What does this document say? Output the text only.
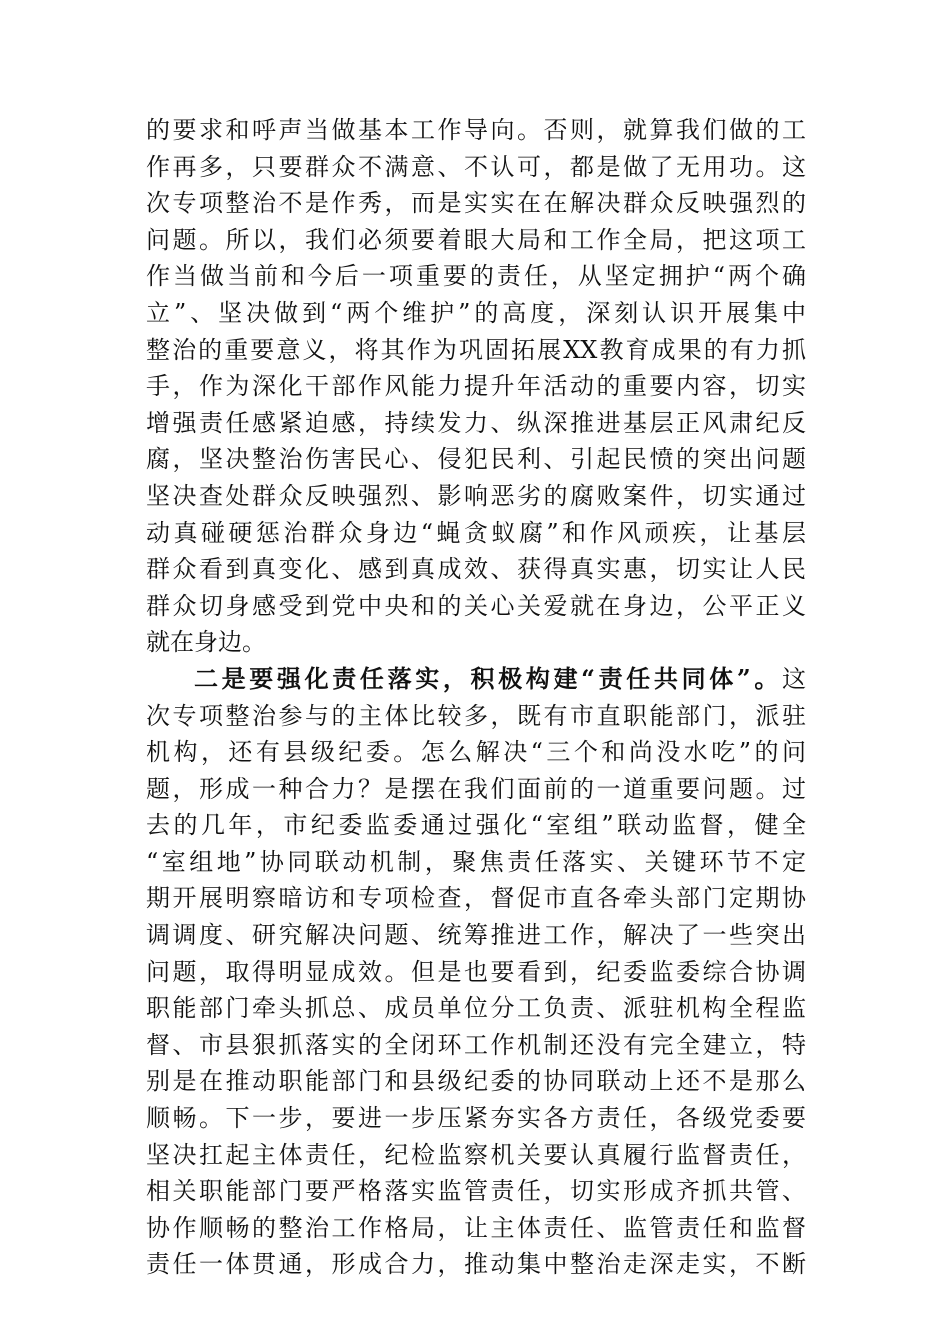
的要求和呼声当做基本工作导向。否则，就算我们做的工
作再多，只要群众不满意、不认可，都是做了无用功。这
次专项整治不是作秀，而是实实在在解决群众反映强烈的
问题。所以，我们必须要着眼大局和工作全局，把这项工
作当做当前和今后一项重要的责任，从坚定拥护“两个确
立”、坚决做到“两个维护”的高度，深刻认识开展集中
整治的重要意义，将其作为巩固拓展XX教育成果的有力抓
手，作为深化干部作风能力提升年活动的重要内容，切实
增强责任感紧迫感，持续发力、纵深推进基层正风肃纪反
腐，坚决整治伤害民心、侵犯民利、引起民愤的突出问题
坚决查处群众反映强烈、影响恶劣的腐败案件，切实通过
动真碰硬惩治群众身边“蝇贪蚁腐”和作风顽疾，让基层
群众看到真变化、感到真成效、获得真实惠，切实让人民
群众切身感受到党中央和的关心关爱就在身边，公平正义
就在身边。
二是要强化责任落实，积极构建“责任共同体”。这
次专项整治参与的主体比较多，既有市直职能部门，派驻
机构，还有县级纪委。怎么解决“三个和尚没水吃”的问
题，形成一种合力？是摆在我们面前的一道重要问题。过
去的几年，市纪委监委通过强化“室组”联动监督，健全
“室组地”协同联动机制，聚焦责任落实、关键环节不定
期开展明察暗访和专项检查，督促市直各牵头部门定期协
调调度、研究解决问题、统筹推进工作，解决了一些突出
问题，取得明显成效。但是也要看到，纪委监委综合协调
职能部门牵头抓总、成员单位分工负责、派驻机构全程监
督、市县狠抓落实的全闭环工作机制还没有完全建立，特
别是在推动职能部门和县级纪委的协同联动上还不是那么
顺畅。下一步，要进一步压紧夯实各方责任，各级党委要
坚决扛起主体责任，纪检监察机关要认真履行监督责任，
相关职能部门要严格落实监管责任，切实形成齐抓共管、
协作顺畅的整治工作格局，让主体责任、监管责任和监督
责任一体贯通，形成合力，推动集中整治走深走实，不断
